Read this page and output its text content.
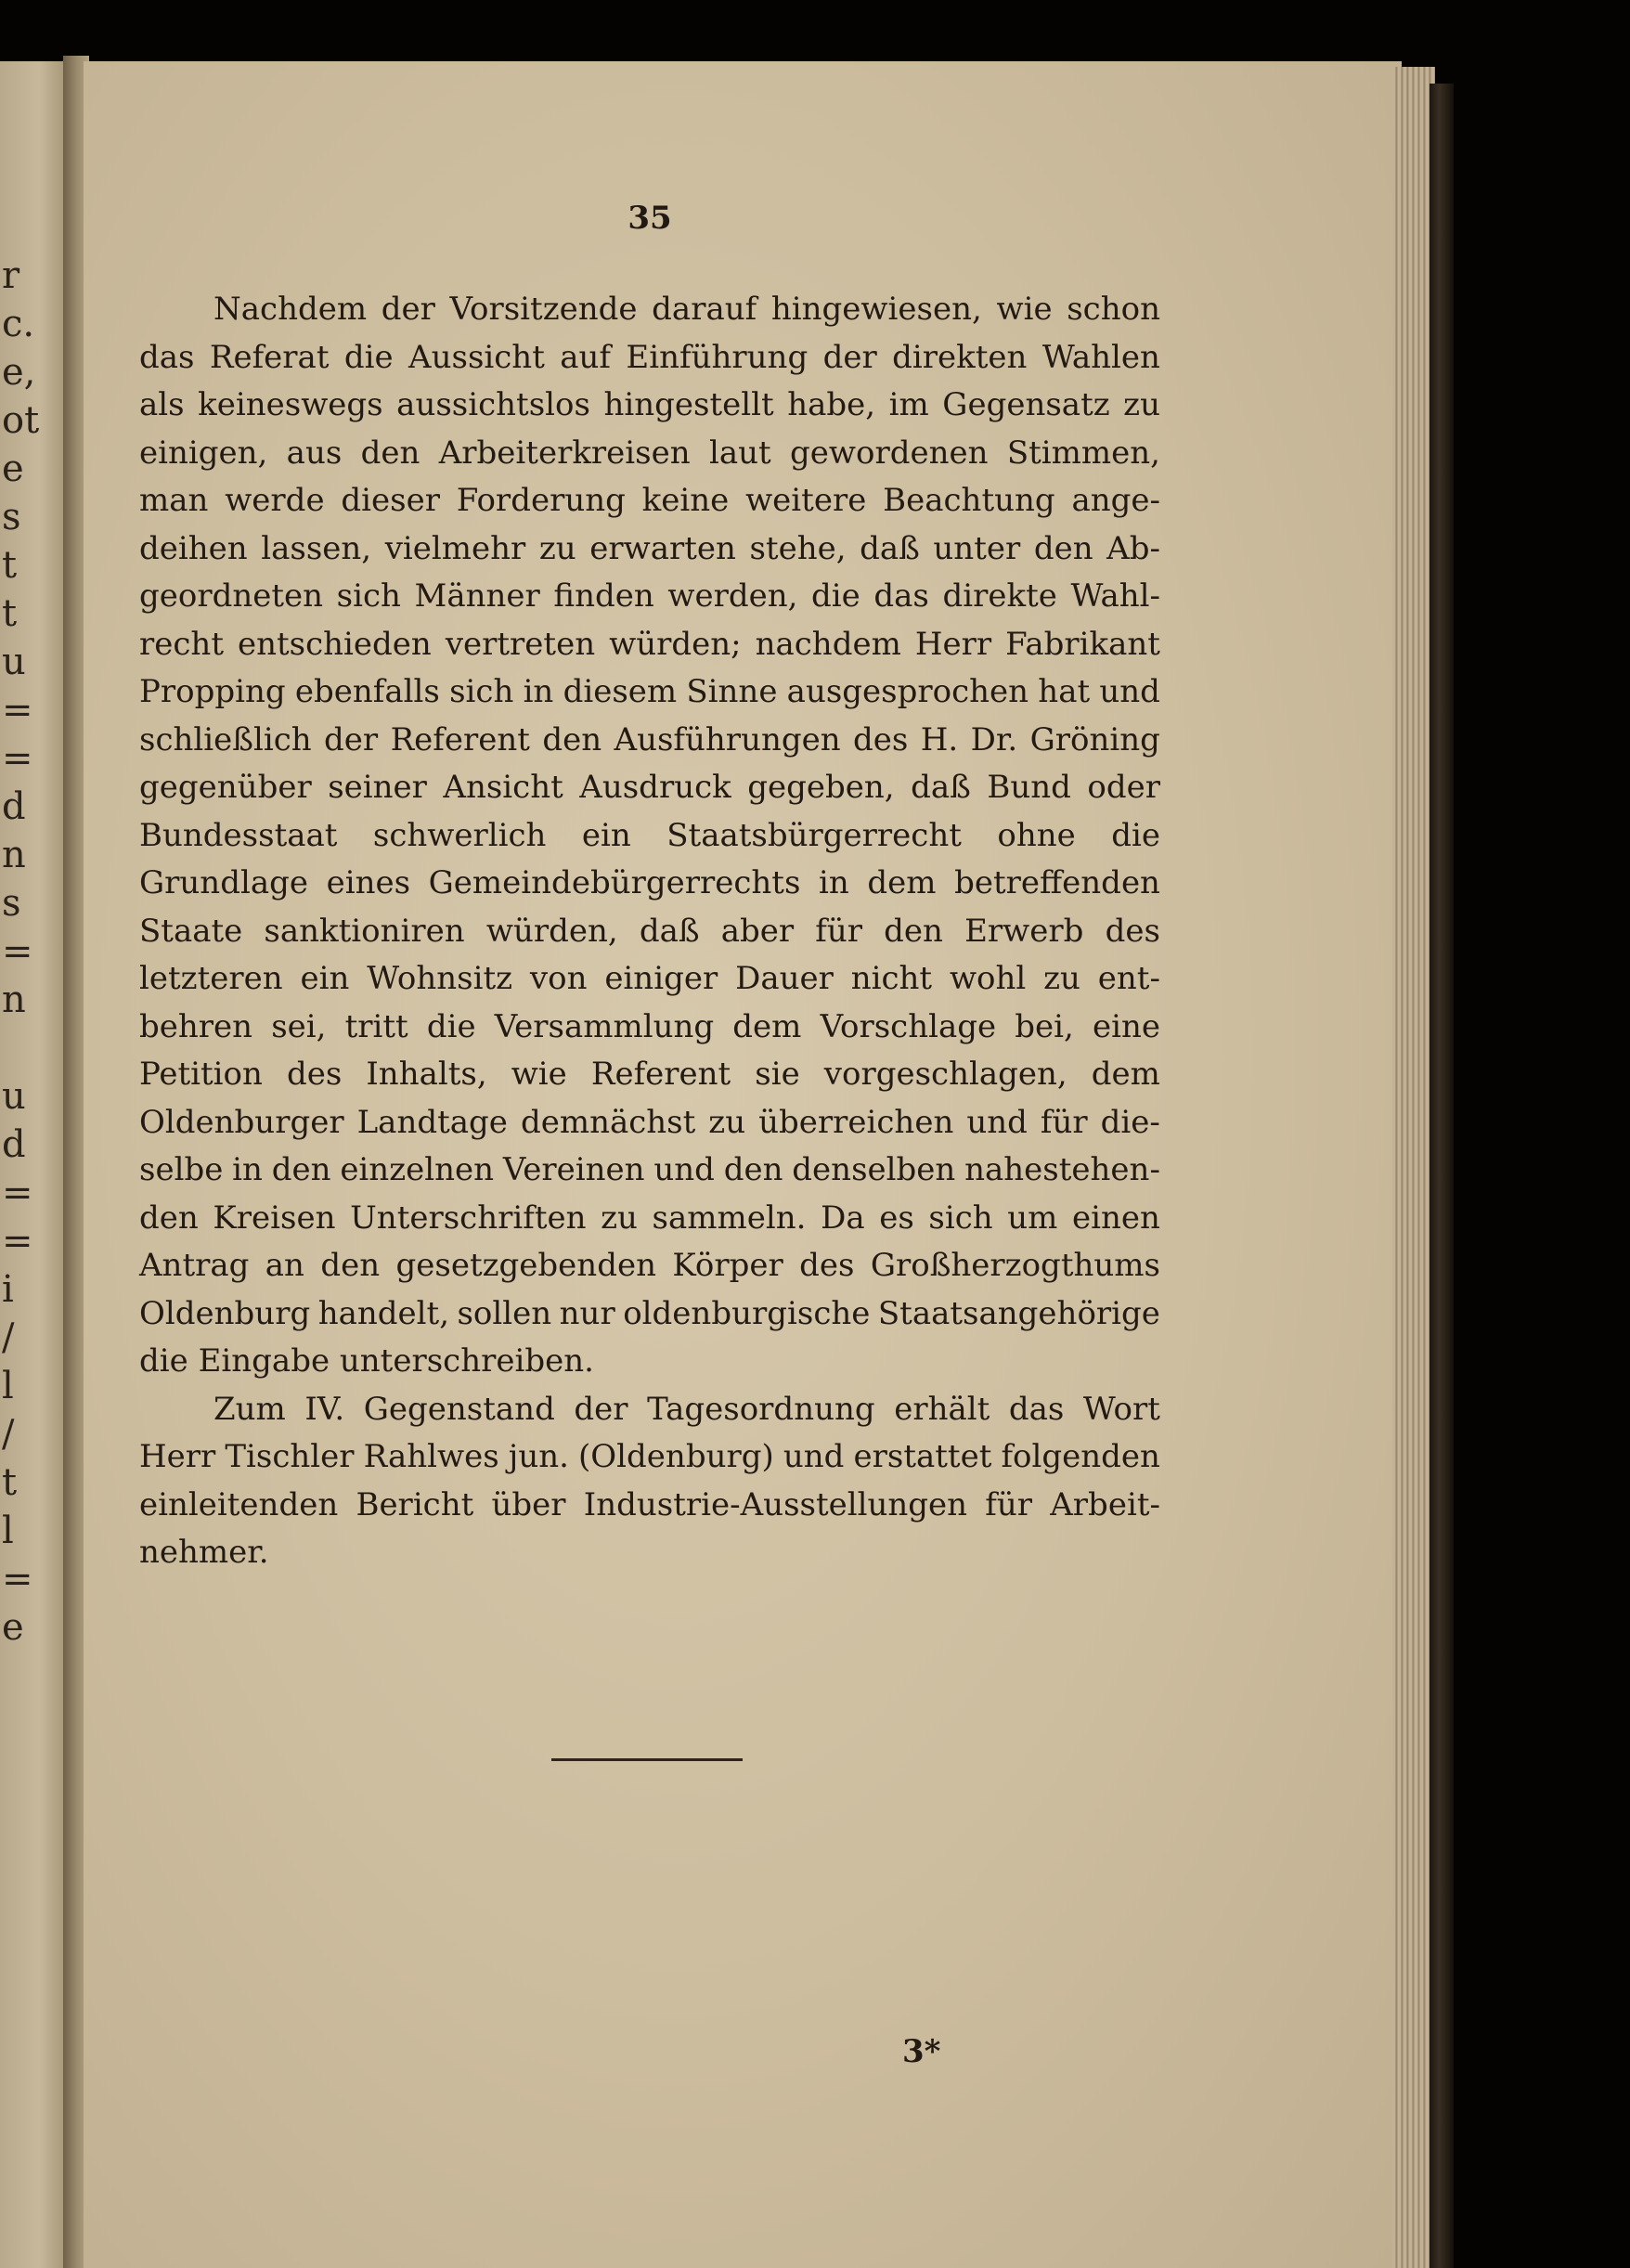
r
c.
e,
ot
e
s
t
t
u
=
=
d
n
s
=
n
u
d
=
=
i
/
l
/
t
l
=
e
35
Nachdem der Vorsitzende darauf hingewiesen, wie schon
das Referat die Aussicht auf Einführung der direkten Wahlen
als keineswegs aussichtslos hingestellt habe, im Gegensatz zu
einigen, aus den Arbeiterkreisen laut gewordenen Stimmen,
man werde dieser Forderung keine weitere Beachtung ange-
deihen lassen, vielmehr zu erwarten stehe, daß unter den Ab-
geordneten sich Männer finden werden, die das direkte Wahl-
recht entschieden vertreten würden; nachdem Herr Fabrikant
Propping ebenfalls sich in diesem Sinne ausgesprochen hat und
schließlich der Referent den Ausführungen des H. Dr. Gröning
gegenüber seiner Ansicht Ausdruck gegeben, daß Bund oder
Bundesstaat schwerlich ein Staatsbürgerrecht ohne die
Grundlage eines Gemeindebürgerrechts in dem betreffenden
Staate sanktioniren würden, daß aber für den Erwerb des
letzteren ein Wohnsitz von einiger Dauer nicht wohl zu ent-
behren sei, tritt die Versammlung dem Vorschlage bei, eine
Petition des Inhalts, wie Referent sie vorgeschlagen, dem
Oldenburger Landtage demnächst zu überreichen und für die-
selbe in den einzelnen Vereinen und den denselben nahestehen-
den Kreisen Unterschriften zu sammeln. Da es sich um einen
Antrag an den gesetzgebenden Körper des Großherzogthums
Oldenburg handelt, sollen nur oldenburgische Staatsangehörige
die Eingabe unterschreiben.
Zum IV. Gegenstand der Tagesordnung erhält das Wort
Herr Tischler Rahlwes jun. (Oldenburg) und erstattet folgenden
einleitenden Bericht über Industrie-Ausstellungen für Arbeit-
nehmer.
3*
